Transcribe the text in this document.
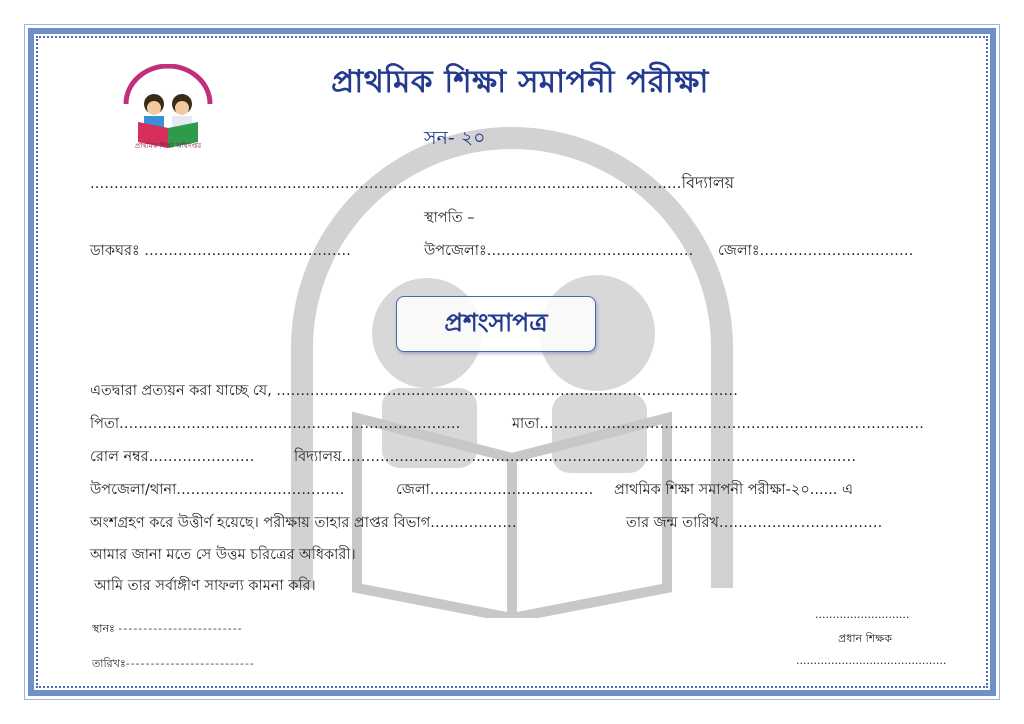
প্রাথমিক শিক্ষা অধিদপ্তর
প্রাথমিক শিক্ষা সমাপনী পরীক্ষা
সন- ২০
...........................................................................................................................বিদ্যালয়
স্থাপতি –
ডাকঘরঃ ...........................................	উপজেলাঃ........................................... জেলাঃ................................
প্রশংসাপত্র
এতদ্বারা প্রত্যয়ন করা যাচ্ছে যে, ................................................................................................
পিতা.......................................................................	মাতা................................................................................
রোল নম্বর......................	বিদ্যালয়...........................................................................................................
উপজেলা/থানা...................................	জেলা.................................. প্রাথমিক শিক্ষা সমাপনী পরীক্ষা-২০...... এ
অংশগ্রহণ করে উত্তীর্ণ হয়েছে। পরীক্ষায় তাহার প্রাপ্তর বিভাগ..................	তার জন্ম তারিখ..................................
আমার জানা মতে সে উত্তম চরিত্রের অধিকারী।
আমি তার সর্বাঙ্গীণ সাফল্য কামনা করি।
স্থানঃ -------------------------
তারিখঃ--------------------------
...........................
প্রধান শিক্ষক
...........................................
